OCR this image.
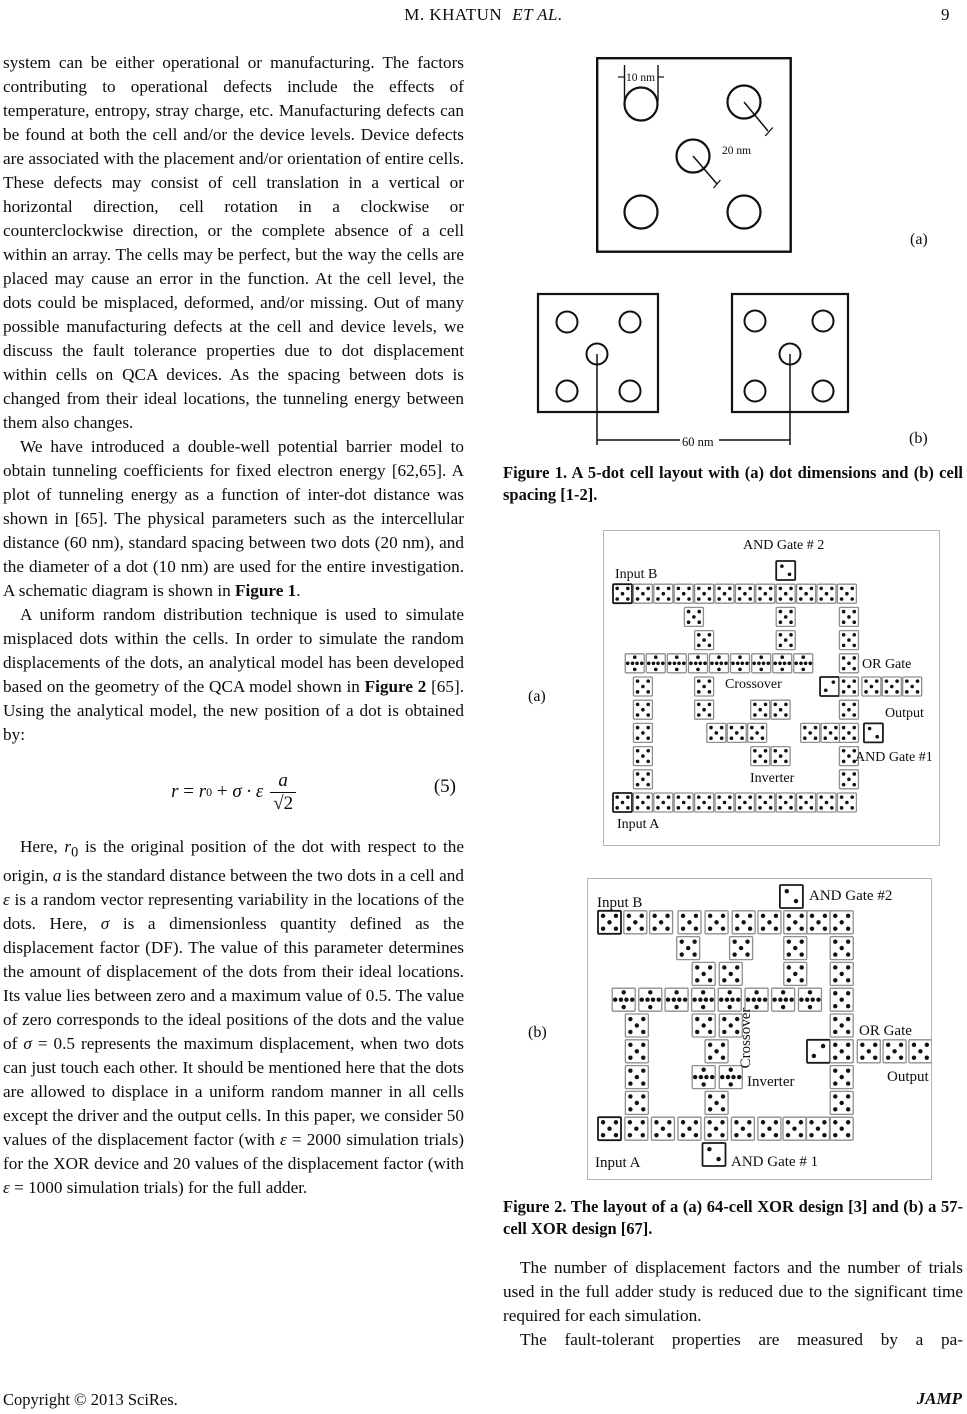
M. KHATUN ET AL.	9

system can be either operational or manufacturing. The factors contributing to operational defects include the effects of temperature, entropy, stray charge, etc. Manufacturing defects can be found at both the cell and/or the device levels. Device defects are associated with the placement and/or orientation of entire cells. These defects may consist of cell translation in a vertical or horizontal direction, cell rotation in a clockwise or counterclockwise direction, or the complete absence of a cell within an array. The cells may be perfect, but the way the cells are placed may cause an error in the function. At the cell level, the dots could be misplaced, deformed, and/or missing. Out of many possible manufacturing defects at the cell and device levels, we discuss the fault tolerance properties due to dot displacement within cells on QCA devices. As the spacing between dots is changed from their ideal locations, the tunneling energy between them also changes.

We have introduced a double-well potential barrier model to obtain tunneling coefficients for fixed electron energy [62,65]. A plot of tunneling energy as a function of inter-dot distance was shown in [65]. The physical parameters such as the intercellular distance (60 nm), standard spacing between two dots (20 nm), and the diameter of a dot (10 nm) are used for the entire investigation. A schematic diagram is shown in Figure 1.

A uniform random distribution technique is used to simulate misplaced dots within the cells. In order to simulate the random displacements of the dots, an analytical model has been developed based on the geometry of the QCA model shown in Figure 2 [65]. Using the analytical model, the new position of a dot is obtained by:

r
=
r 0
+
σ · ε $\frac{a}{√2}$	(5)

Here, $r_0$ is the original position of the dot with respect to the origin, a is the standard distance between the two dots in a cell and ε is a random vector representing variability in the locations of the dots. Here, σ is a dimensionless quantity defined as the displacement factor (DF). The value of this parameter determines the amount of displacement of the dots from their ideal locations. Its value lies between zero and a maximum value of 0.5. The value of zero corresponds to the ideal positions of the dots and the value of σ = 0.5 represents the maximum displacement, when two dots can just touch each other. It should be mentioned here that the dots are allowed to displace in a uniform random manner in all cells except the driver and the output cells. In this paper, we consider 50 values of the displacement factor (with ε = 2000 simulation trials) for the XOR device and 20 values of the displacement factor (with ε = 1000 simulation trials) for the full adder.

10 nm
20 nm
(a)
60 nm	(b)
Figure 1. A 5-dot cell layout with (a) dot dimensions and (b) cell spacing [1-2].
AND Gate # 2
Input B
OR Gate
Crossover
Output
AND Gate #1
Inverter
Input A
(a)
Input B	AND Gate #2
OR Gate
Output
Inverter
Crossover
Input A	AND Gate # 1
(b)
Figure 2. The layout of a (a) 64-cell XOR design [3] and (b) a 57-cell XOR design [67].

The number of displacement factors and the number of trials used in the full adder study is reduced due to the significant time required for each simulation.

The fault-tolerant properties are measured by a pa-

Copyright © 2013 SciRes.	JAMP
